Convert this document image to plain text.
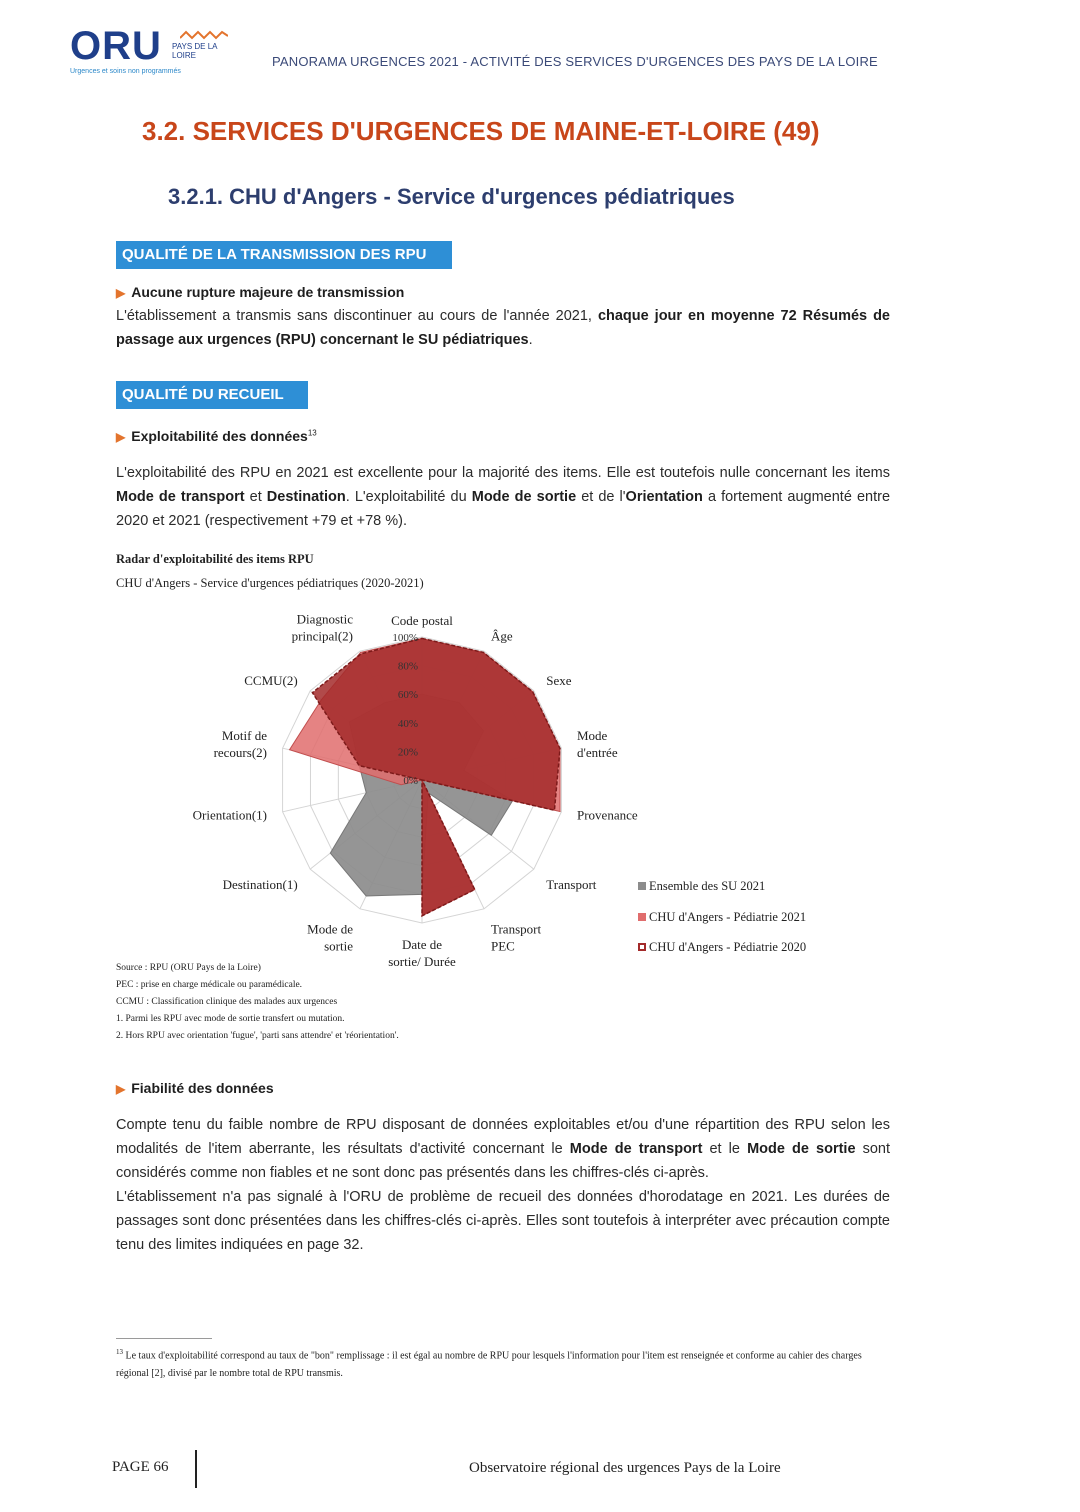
ORU PAYS DE LA LOIRE
Urgences et soins non programmés
PANORAMA URGENCES 2021 - ACTIVITÉ DES SERVICES D'URGENCES DES PAYS DE LA LOIRE
3.2. SERVICES D'URGENCES DE MAINE-ET-LOIRE (49)
3.2.1. CHU d'Angers - Service d'urgences pédiatriques
QUALITÉ DE LA TRANSMISSION DES RPU
▶ Aucune rupture majeure de transmission
L'établissement a transmis sans discontinuer au cours de l'année 2021, chaque jour en moyenne 72 Résumés de passage aux urgences (RPU) concernant le SU pédiatriques.
QUALITÉ DU RECUEIL
▶ Exploitabilité des données$^{13}$
L'exploitabilité des RPU en 2021 est excellente pour la majorité des items. Elle est toutefois nulle concernant les items Mode de transport et Destination. L'exploitabilité du Mode de sortie et de l'Orientation a fortement augmenté entre 2020 et 2021 (respectivement +79 et +78 %).
Radar d'exploitabilité des items RPU
CHU d'Angers - Service d'urgences pédiatriques (2020-2021)
0%
20%
40%
60%
80%
100%
Code postal
Âge
Sexe
Mode d'entrée
Provenance
Transport
Transport PEC
Date de sortie/ Durée
Mode de sortie
Destination(1)
Orientation(1)
Motif de recours(2)
CCMU(2)
Diagnostic principal(2)
Ensemble des SU 2021
CHU d'Angers - Pédiatrie 2021
CHU d'Angers - Pédiatrie 2020
Source : RPU (ORU Pays de la Loire)
PEC : prise en charge médicale ou paramédicale.
CCMU : Classification clinique des malades aux urgences
1. Parmi les RPU avec mode de sortie transfert ou mutation.
2. Hors RPU avec orientation 'fugue', 'parti sans attendre' et 'réorientation'.
▶ Fiabilité des données
Compte tenu du faible nombre de RPU disposant de données exploitables et/ou d'une répartition des RPU selon les modalités de l'item aberrante, les résultats d'activité concernant le Mode de transport et le Mode de sortie sont considérés comme non fiables et ne sont donc pas présentés dans les chiffres-clés ci-après.
L'établissement n'a pas signalé à l'ORU de problème de recueil des données d'horodatage en 2021. Les durées de passages sont donc présentées dans les chiffres-clés ci-après. Elles sont toutefois à interpréter avec précaution compte tenu des limites indiquées en page 32.
$^{13}$ Le taux d'exploitabilité correspond au taux de "bon" remplissage : il est égal au nombre de RPU pour lesquels l'information pour l'item est renseignée et conforme au cahier des charges régional [2], divisé par le nombre total de RPU transmis.
PAGE 66	Observatoire régional des urgences Pays de la Loire
